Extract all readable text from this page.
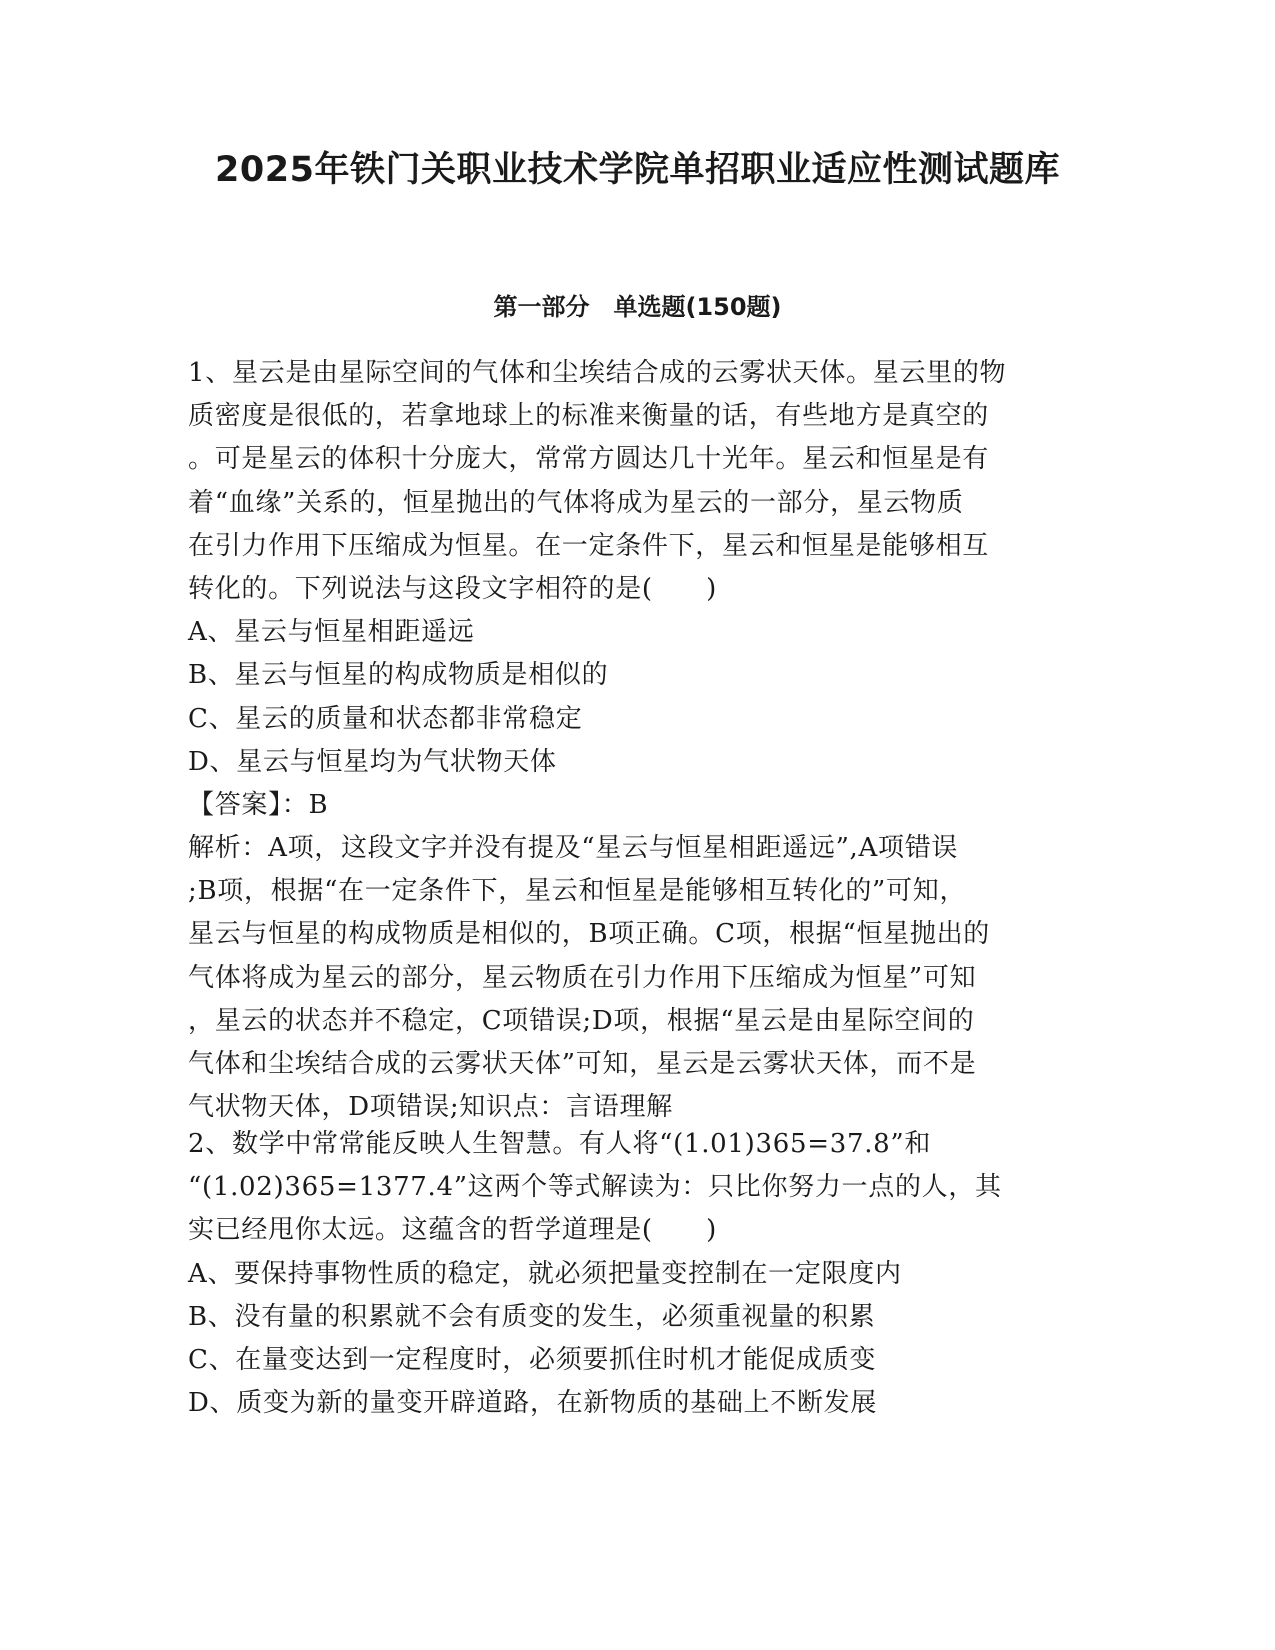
2025年铁门关职业技术学院单招职业适应性测试题库
第一部分　单选题(150题)
1、星云是由星际空间的气体和尘埃结合成的云雾状天体。星云里的物
质密度是很低的，若拿地球上的标准来衡量的话，有些地方是真空的
。可是星云的体积十分庞大，常常方圆达几十光年。星云和恒星是有
着“血缘”关系的，恒星抛出的气体将成为星云的一部分，星云物质
在引力作用下压缩成为恒星。在一定条件下，星云和恒星是能够相互
转化的。下列说法与这段文字相符的是(　　)
A、星云与恒星相距遥远
B、星云与恒星的构成物质是相似的
C、星云的质量和状态都非常稳定
D、星云与恒星均为气状物天体
【答案】：B
解析：A项，这段文字并没有提及“星云与恒星相距遥远”,A项错误
;B项，根据“在一定条件下，星云和恒星是能够相互转化的”可知，
星云与恒星的构成物质是相似的，B项正确。C项，根据“恒星抛出的
气体将成为星云的部分，星云物质在引力作用下压缩成为恒星”可知
，星云的状态并不稳定，C项错误;D项，根据“星云是由星际空间的
气体和尘埃结合成的云雾状天体”可知，星云是云雾状天体，而不是
气状物天体，D项错误;知识点：言语理解
2、数学中常常能反映人生智慧。有人将“(1.01)365=37.8”和
“(1.02)365=1377.4”这两个等式解读为：只比你努力一点的人，其
实已经甩你太远。这蕴含的哲学道理是(　　)
A、要保持事物性质的稳定，就必须把量变控制在一定限度内
B、没有量的积累就不会有质变的发生，必须重视量的积累
C、在量变达到一定程度时，必须要抓住时机才能促成质变
D、质变为新的量变开辟道路，在新物质的基础上不断发展
